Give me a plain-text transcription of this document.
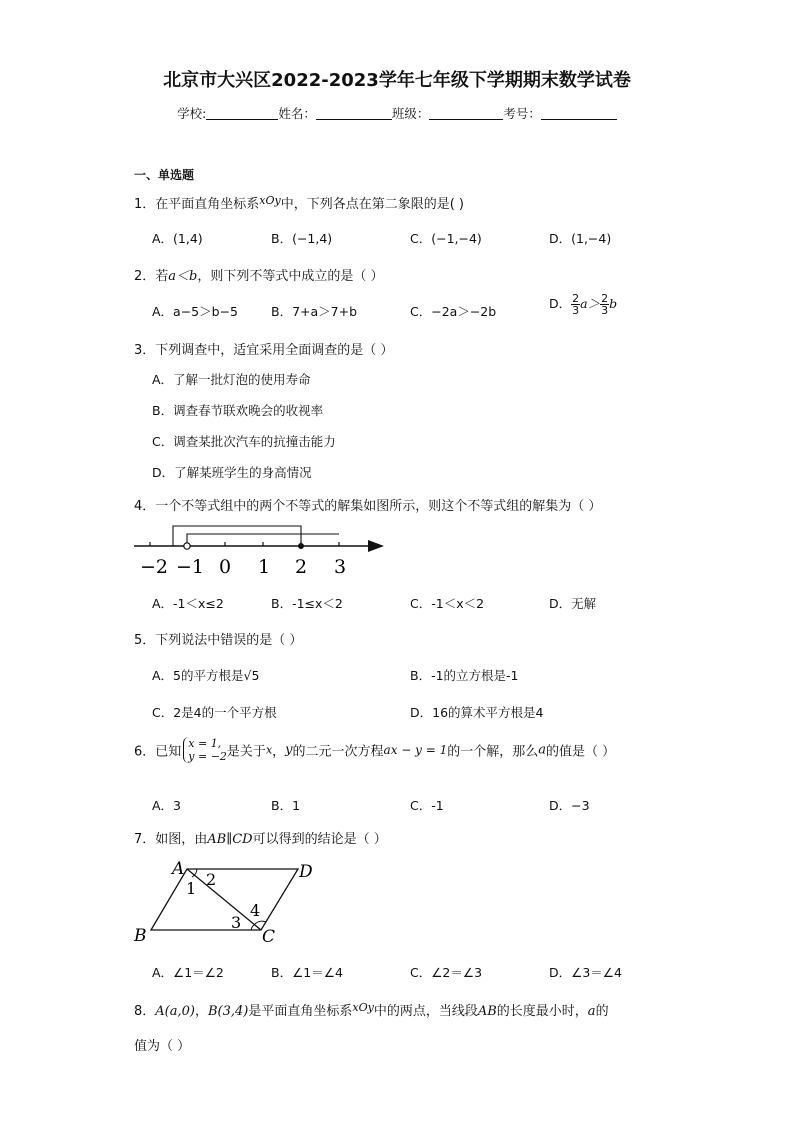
北京市大兴区2022-2023学年七年级下学期期末数学试卷
学校:	姓名：	班级：	考号：
一、单选题
1．在平面直角坐标系$^{xOy}$中，下列各点在第二象限的是( )
A．(1,4)	B．(−1,4)	C．(−1,−4)	D．(1,−4)
2．若a＜b，则下列不等式中成立的是（ ）
A．a−5＞b−5	B．7+a＞7+b	C．−2a＞−2b
D． $\frac{2}{3} a> \frac{2}{3}$ b
3．下列调查中，适宜采用全面调查的是（ ）
A．了解一批灯泡的使用寿命
B．调查春节联欢晚会的收视率
C．调查某批次汽车的抗撞击能力
D．了解某班学生的身高情况
4．一个不等式组中的两个不等式的解集如图所示，则这个不等式组的解集为（ ）
−2 −1 0 1 2 3
A．-1＜x≤2	B．-1≤x＜2	C．-1＜x＜2	D．无解
5．下列说法中错误的是（ ）
A．5的平方根是√5	B．-1的立方根是-1
C．2是4的一个平方根	D．16的算术平方根是4
6．已知
x = 1,
y = −2 是关于x，y的二元一次方程ax − y = 1的一个解，那么a的值是（ ）
A．3	B．1	C．-1	D．−3
7．如图，由AB∥CD可以得到的结论是（ ）
A	D
B	C
1 2
3
4
A．∠1＝∠2	B．∠1＝∠4	C．∠2＝∠3	D．∠3＝∠4
8．A(a,0)，B(3,4)是平面直角坐标系$^{xOy}$中的两点，当线段AB的长度最小时，a的
值为（ ）
